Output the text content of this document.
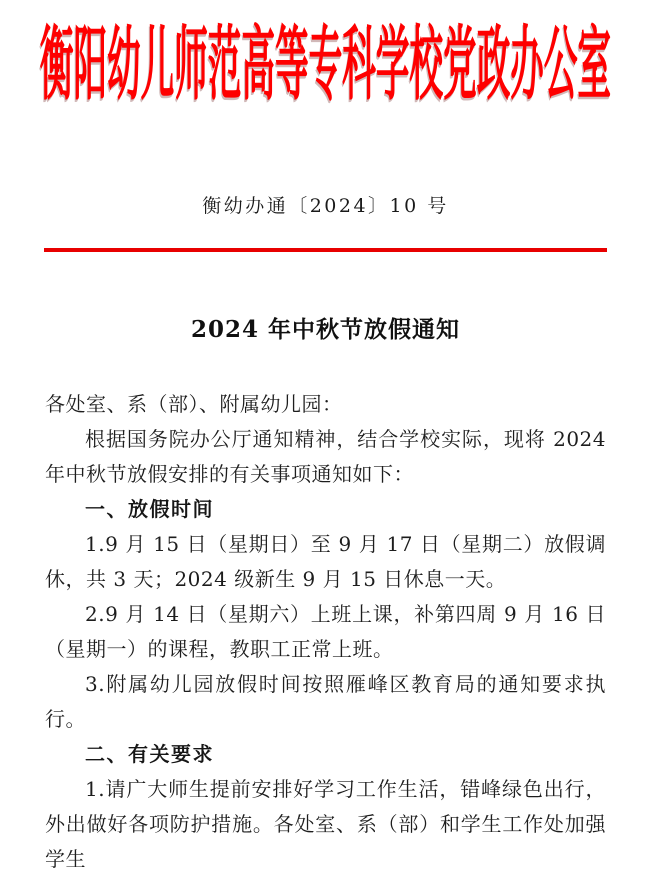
衡阳幼儿师范高等专科学校党政办公室
衡幼办通〔2024〕10 号
2024 年中秋节放假通知

各处室、系（部）、附属幼儿园：

根据国务院办公厅通知精神，结合学校实际，现将 2024 年中秋节放假安排的有关事项通知如下：

一、放假时间

1.9 月 15 日（星期日）至 9 月 17 日（星期二）放假调休，共 3 天；2024 级新生 9 月 15 日休息一天。

2.9 月 14 日（星期六）上班上课，补第四周 9 月 16 日（星期一）的课程，教职工正常上班。

3.附属幼儿园放假时间按照雁峰区教育局的通知要求执行。

二、有关要求

1.请广大师生提前安排好学习工作生活，错峰绿色出行，外出做好各项防护措施。各处室、系（部）和学生工作处加强学生
